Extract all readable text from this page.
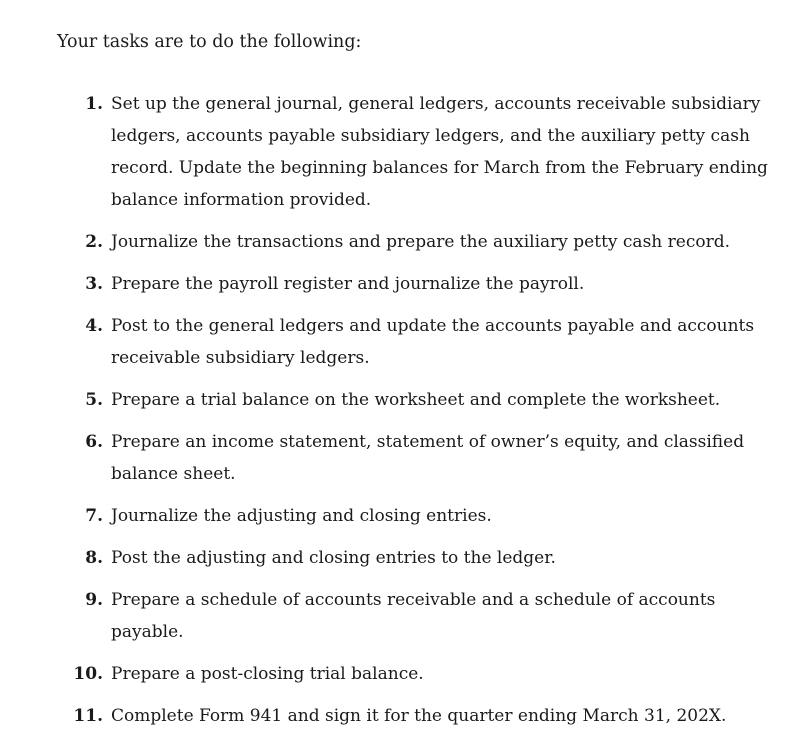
Your tasks are to do the following:

1. Set up the general journal, general ledgers, accounts receivable subsidiary ledgers, accounts payable subsidiary ledgers, and the auxiliary petty cash record. Update the beginning balances for March from the February ending balance information provided.
2. Journalize the transactions and prepare the auxiliary petty cash record.
3. Prepare the payroll register and journalize the payroll.
4. Post to the general ledgers and update the accounts payable and accounts receivable subsidiary ledgers.
5. Prepare a trial balance on the worksheet and complete the worksheet.
6. Prepare an income statement, statement of owner’s equity, and classified balance sheet.
7. Journalize the adjusting and closing entries.
8. Post the adjusting and closing entries to the ledger.
9. Prepare a schedule of accounts receivable and a schedule of accounts payable.
10. Prepare a post-closing trial balance.
11. Complete Form 941 and sign it for the quarter ending March 31, 202X.
